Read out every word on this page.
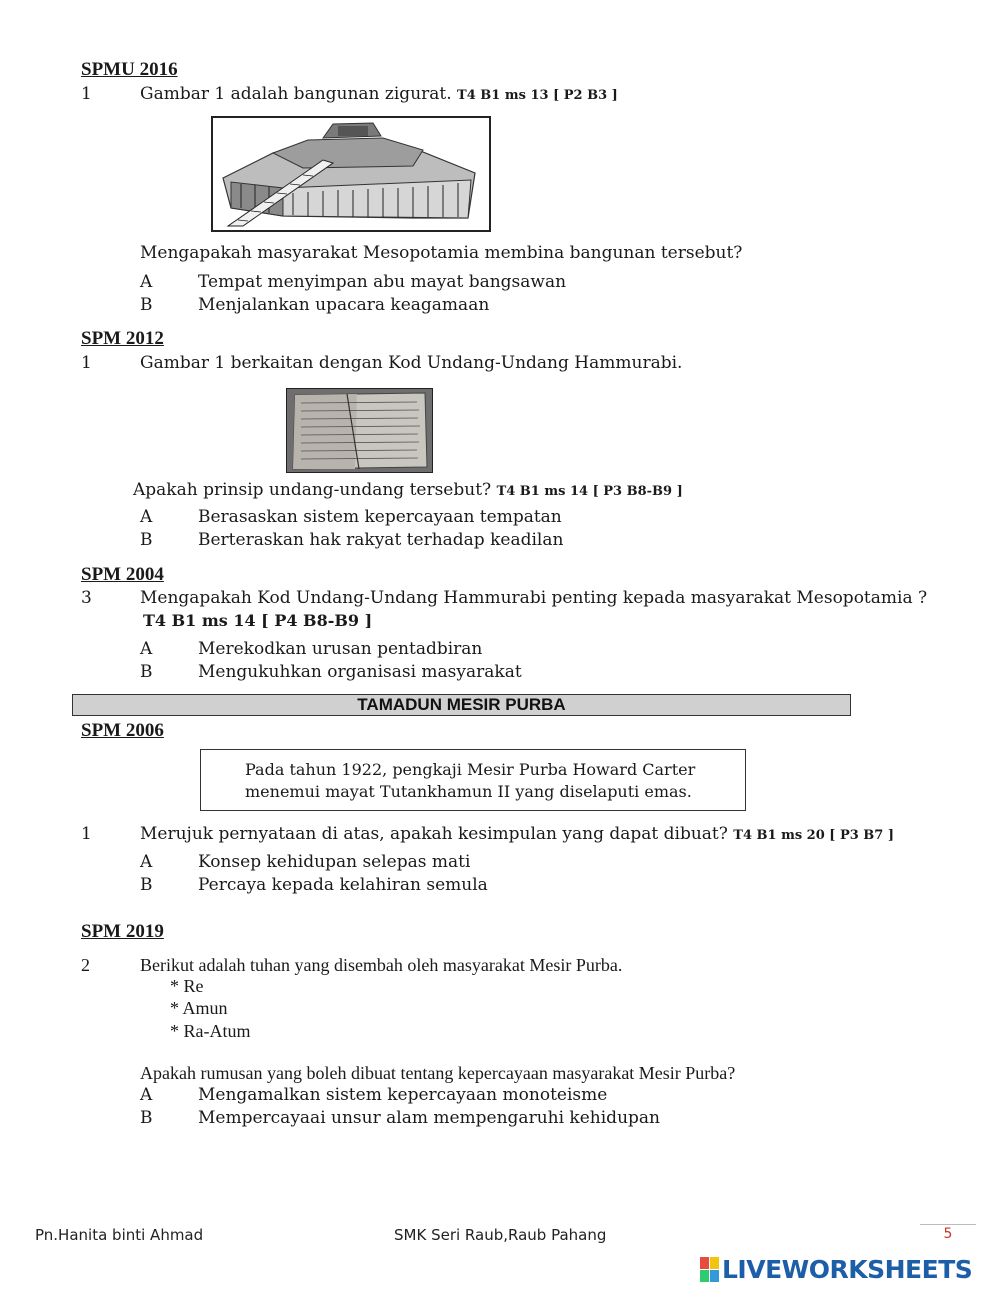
SPMU 2016
1	Gambar 1 adalah bangunan zigurat. T4 B1 ms 13 [ P2 B3 ]
Mengapakah masyarakat Mesopotamia membina bangunan tersebut?
A	Tempat menyimpan abu mayat bangsawan
B	Menjalankan upacara keagamaan
SPM 2012
1	Gambar 1 berkaitan dengan Kod Undang-Undang Hammurabi.
Apakah prinsip undang-undang tersebut? T4 B1 ms 14 [ P3 B8-B9 ]
A	Berasaskan sistem kepercayaan tempatan
B	Berteraskan hak rakyat terhadap keadilan
SPM 2004
3	Mengapakah Kod Undang-Undang Hammurabi penting kepada masyarakat Mesopotamia ?
T4 B1 ms 14 [ P4 B8-B9 ]
A	Merekodkan urusan pentadbiran
B	Mengukuhkan organisasi masyarakat
TAMADUN MESIR PURBA
SPM 2006
Pada tahun 1922, pengkaji Mesir Purba Howard Carter
menemui mayat Tutankhamun II yang diselaputi emas.
1	Merujuk pernyataan di atas, apakah kesimpulan yang dapat dibuat? T4 B1 ms 20 [ P3 B7 ]
A	Konsep kehidupan selepas mati
B	Percaya kepada kelahiran semula
SPM 2019
2	Berikut adalah tuhan yang disembah oleh masyarakat Mesir Purba.
* Re
* Amun
* Ra-Atum
Apakah rumusan yang boleh dibuat tentang kepercayaan masyarakat Mesir Purba?
A	Mengamalkan sistem kepercayaan monoteisme
B	Mempercayaai unsur alam mempengaruhi kehidupan
Pn.Hanita binti Ahmad	SMK Seri Raub,Raub Pahang	5
LIVEWORKSHEETS
